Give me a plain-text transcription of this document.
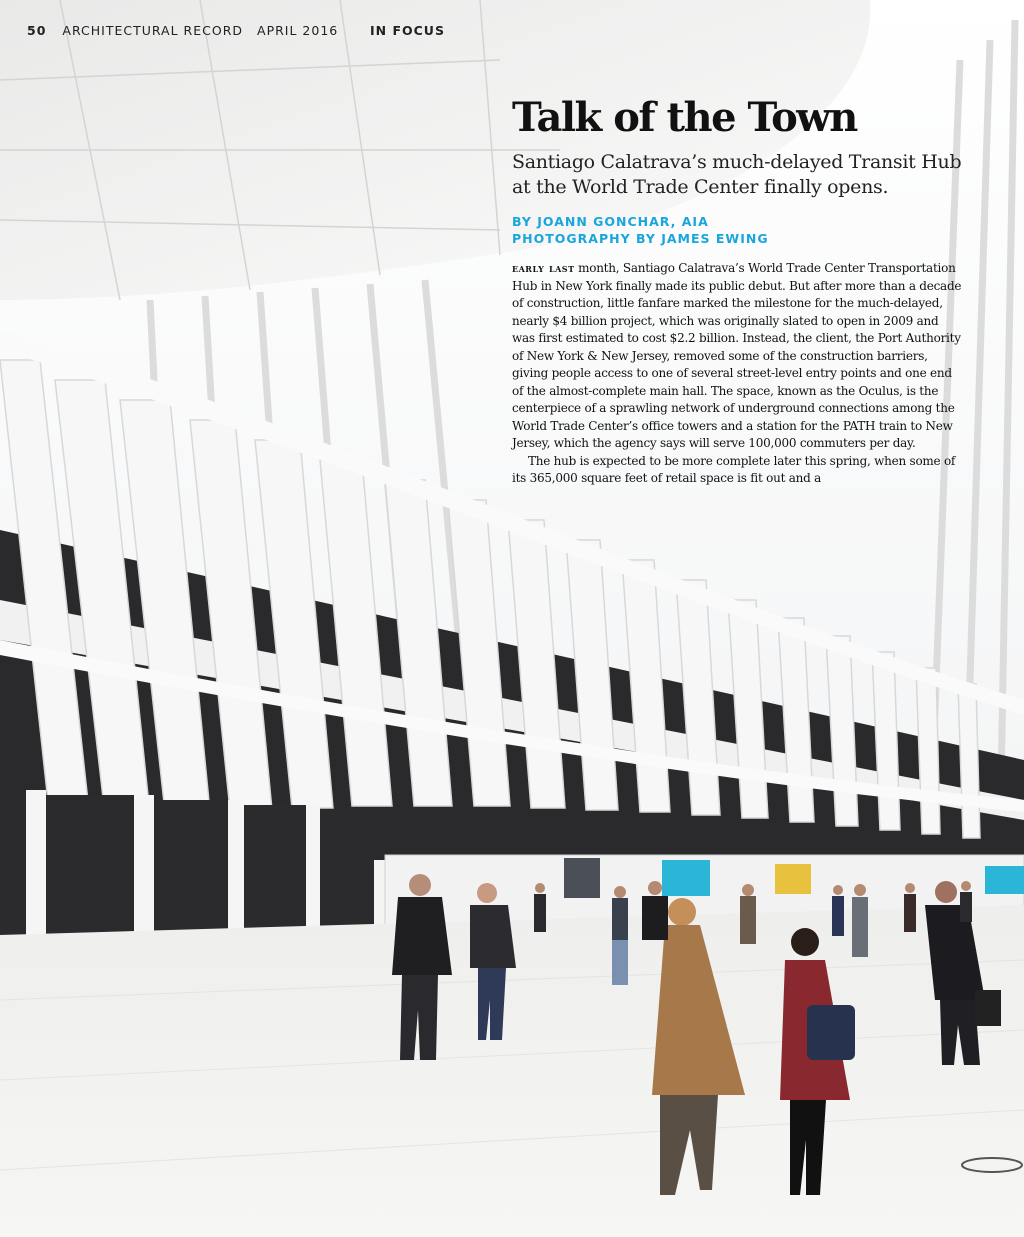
50 ARCHITECTURAL RECORD APRIL 2016	IN FOCUS
Talk of the Town
Santiago Calatrava’s much-delayed Transit Hub at the World Trade Center finally opens.
BY JOANN GONCHAR, AIA
PHOTOGRAPHY BY JAMES EWING

early last month, Santiago Calatrava’s World Trade Center Transportation Hub in New York finally made its public debut. But after more than a decade of construction, little fanfare marked the milestone for the much-delayed, nearly $4 billion project, which was originally slated to open in 2009 and was first estimated to cost $2.2 billion. Instead, the client, the Port Authority of New York & New Jersey, removed some of the construction barriers, giving people access to one of several street-level entry points and one end of the almost-complete main hall. The space, known as the Oculus, is the centerpiece of a sprawling network of underground connections among the World Trade Center’s office towers and a station for the PATH train to New Jersey, which the agency says will serve 100,000 commuters per day.

The hub is expected to be more complete later this spring, when some of its 365,000 square feet of retail space is fit out and a
